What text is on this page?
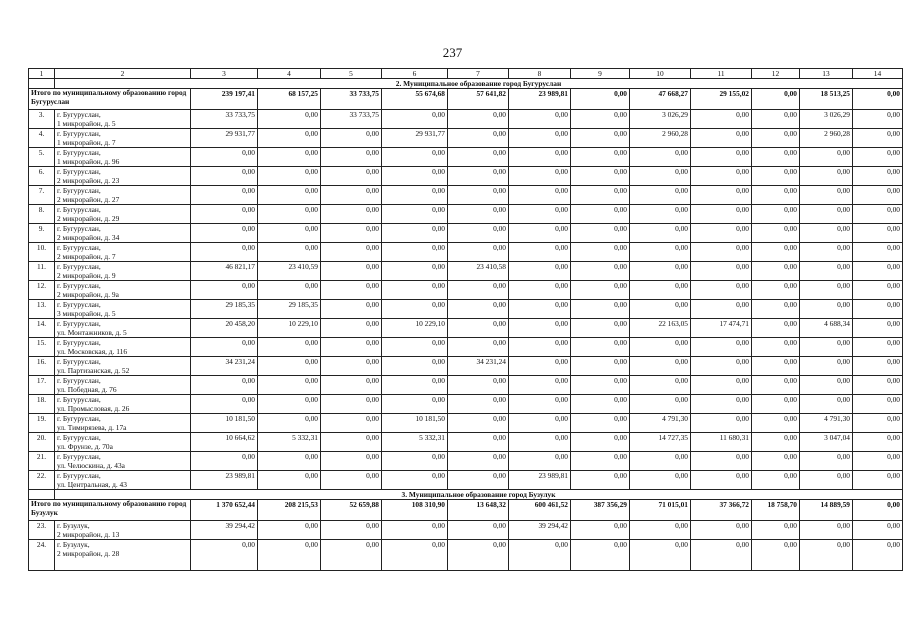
237
1	2	3	4	5	6	7	8	9	10	11	12	13	14
	2. Муниципальное образование город Бугуруслан												
Итого по муниципальному образованию город Бугуруслан		239 197,41	68 157,25	33 733,75	55 674,68	57 641,82	23 989,81	0,00	47 668,27	29 155,02	0,00	18 513,25	0,00
3.	г. Бугуруслан,
1 микрорайон, д. 5	33 733,75	0,00	33 733,75	0,00	0,00	0,00	0,00	3 026,29	0,00	0,00	3 026,29	0,00
4.	г. Бугуруслан,
1 микрорайон, д. 7	29 931,77	0,00	0,00	29 931,77	0,00	0,00	0,00	2 960,28	0,00	0,00	2 960,28	0,00
5.	г. Бугуруслан,
1 микрорайон, д. 96	0,00	0,00	0,00	0,00	0,00	0,00	0,00	0,00	0,00	0,00	0,00	0,00
6.	г. Бугуруслан,
2 микрорайон, д. 23	0,00	0,00	0,00	0,00	0,00	0,00	0,00	0,00	0,00	0,00	0,00	0,00
7.	г. Бугуруслан,
2 микрорайон, д. 27	0,00	0,00	0,00	0,00	0,00	0,00	0,00	0,00	0,00	0,00	0,00	0,00
8.	г. Бугуруслан,
2 микрорайон, д. 29	0,00	0,00	0,00	0,00	0,00	0,00	0,00	0,00	0,00	0,00	0,00	0,00
9.	г. Бугуруслан,
2 микрорайон, д. 34	0,00	0,00	0,00	0,00	0,00	0,00	0,00	0,00	0,00	0,00	0,00	0,00
10.	г. Бугуруслан,
2 микрорайон, д. 7	0,00	0,00	0,00	0,00	0,00	0,00	0,00	0,00	0,00	0,00	0,00	0,00
11.	г. Бугуруслан,
2 микрорайон, д. 9	46 821,17	23 410,59	0,00	0,00	23 410,58	0,00	0,00	0,00	0,00	0,00	0,00	0,00
12.	г. Бугуруслан,
2 микрорайон, д. 9а	0,00	0,00	0,00	0,00	0,00	0,00	0,00	0,00	0,00	0,00	0,00	0,00
13.	г. Бугуруслан,
3 микрорайон, д. 5	29 185,35	29 185,35	0,00	0,00	0,00	0,00	0,00	0,00	0,00	0,00	0,00	0,00
14.	г. Бугуруслан,
ул. Монтажников, д. 5	20 458,20	10 229,10	0,00	10 229,10	0,00	0,00	0,00	22 163,05	17 474,71	0,00	4 688,34	0,00
15.	г. Бугуруслан,
ул. Московская, д. 116	0,00	0,00	0,00	0,00	0,00	0,00	0,00	0,00	0,00	0,00	0,00	0,00
16.	г. Бугуруслан,
ул. Партизанская, д. 52	34 231,24	0,00	0,00	0,00	34 231,24	0,00	0,00	0,00	0,00	0,00	0,00	0,00
17.	г. Бугуруслан,
ул. Победная, д. 76	0,00	0,00	0,00	0,00	0,00	0,00	0,00	0,00	0,00	0,00	0,00	0,00
18.	г. Бугуруслан,
ул. Промысловая, д. 26	0,00	0,00	0,00	0,00	0,00	0,00	0,00	0,00	0,00	0,00	0,00	0,00
19.	г. Бугуруслан,
ул. Тимирязева, д. 17а	10 181,50	0,00	0,00	10 181,50	0,00	0,00	0,00	4 791,30	0,00	0,00	4 791,30	0,00
20.	г. Бугуруслан,
ул. Фрунзе, д. 70а	10 664,62	5 332,31	0,00	5 332,31	0,00	0,00	0,00	14 727,35	11 680,31	0,00	3 047,04	0,00
21.	г. Бугуруслан,
ул. Челюскина, д. 43а	0,00	0,00	0,00	0,00	0,00	0,00	0,00	0,00	0,00	0,00	0,00	0,00
22.	г. Бугуруслан,
ул. Центральная, д. 43	23 989,81	0,00	0,00	0,00	0,00	23 989,81	0,00	0,00	0,00	0,00	0,00	0,00
	3. Муниципальное образование город Бузулук												
Итого по муниципальному образованию город Бузулук		1 370 652,44	208 215,53	52 659,88	108 310,90	13 648,32	600 461,52	387 356,29	71 015,01	37 366,72	18 758,70	14 889,59	0,00
23.	г. Бузулук,
2 микрорайон, д. 13	39 294,42	0,00	0,00	0,00	0,00	39 294,42	0,00	0,00	0,00	0,00	0,00	0,00
24.	г. Бузулук,
2 микрорайон, д. 28	0,00	0,00	0,00	0,00	0,00	0,00	0,00	0,00	0,00	0,00	0,00	0,00
